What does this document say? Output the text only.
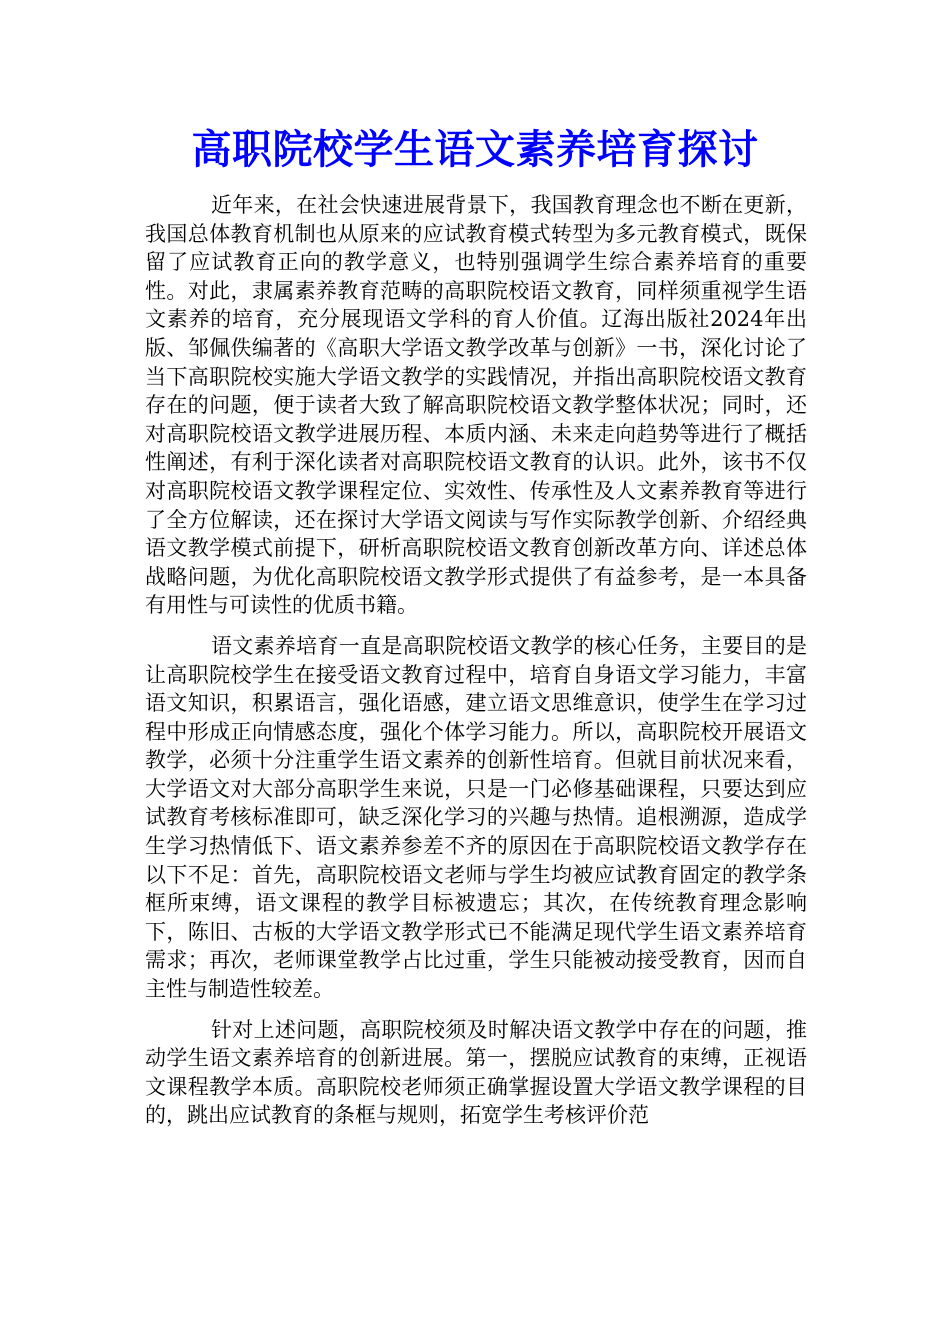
高职院校学生语文素养培育探讨

近年来，在社会快速进展背景下，我国教育理念也不断在更新，我国总体教育机制也从原来的应试教育模式转型为多元教育模式，既保留了应试教育正向的教学意义，也特别强调学生综合素养培育的重要性。对此，隶属素养教育范畴的高职院校语文教育，同样须重视学生语文素养的培育，充分展现语文学科的育人价值。辽海出版社2024年出版、邹佩佚编著的《高职大学语文教学改革与创新》一书，深化讨论了当下高职院校实施大学语文教学的实践情况，并指出高职院校语文教育存在的问题，便于读者大致了解高职院校语文教学整体状况；同时，还对高职院校语文教学进展历程、本质内涵、未来走向趋势等进行了概括性阐述，有利于深化读者对高职院校语文教育的认识。此外，该书不仅对高职院校语文教学课程定位、实效性、传承性及人文素养教育等进行了全方位解读，还在探讨大学语文阅读与写作实际教学创新、介绍经典语文教学模式前提下，研析高职院校语文教育创新改革方向、详述总体战略问题，为优化高职院校语文教学形式提供了有益参考，是一本具备有用性与可读性的优质书籍。

语文素养培育一直是高职院校语文教学的核心任务，主要目的是让高职院校学生在接受语文教育过程中，培育自身语文学习能力，丰富语文知识，积累语言，强化语感，建立语文思维意识，使学生在学习过程中形成正向情感态度，强化个体学习能力。所以，高职院校开展语文教学，必须十分注重学生语文素养的创新性培育。但就目前状况来看，大学语文对大部分高职学生来说，只是一门必修基础课程，只要达到应试教育考核标准即可，缺乏深化学习的兴趣与热情。追根溯源，造成学生学习热情低下、语文素养参差不齐的原因在于高职院校语文教学存在以下不足：首先，高职院校语文老师与学生均被应试教育固定的教学条框所束缚，语文课程的教学目标被遗忘；其次，在传统教育理念影响下，陈旧、古板的大学语文教学形式已不能满足现代学生语文素养培育需求；再次，老师课堂教学占比过重，学生只能被动接受教育，因而自主性与制造性较差。

针对上述问题，高职院校须及时解决语文教学中存在的问题，推动学生语文素养培育的创新进展。第一，摆脱应试教育的束缚，正视语文课程教学本质。高职院校老师须正确掌握设置大学语文教学课程的目的，跳出应试教育的条框与规则，拓宽学生考核评价范
